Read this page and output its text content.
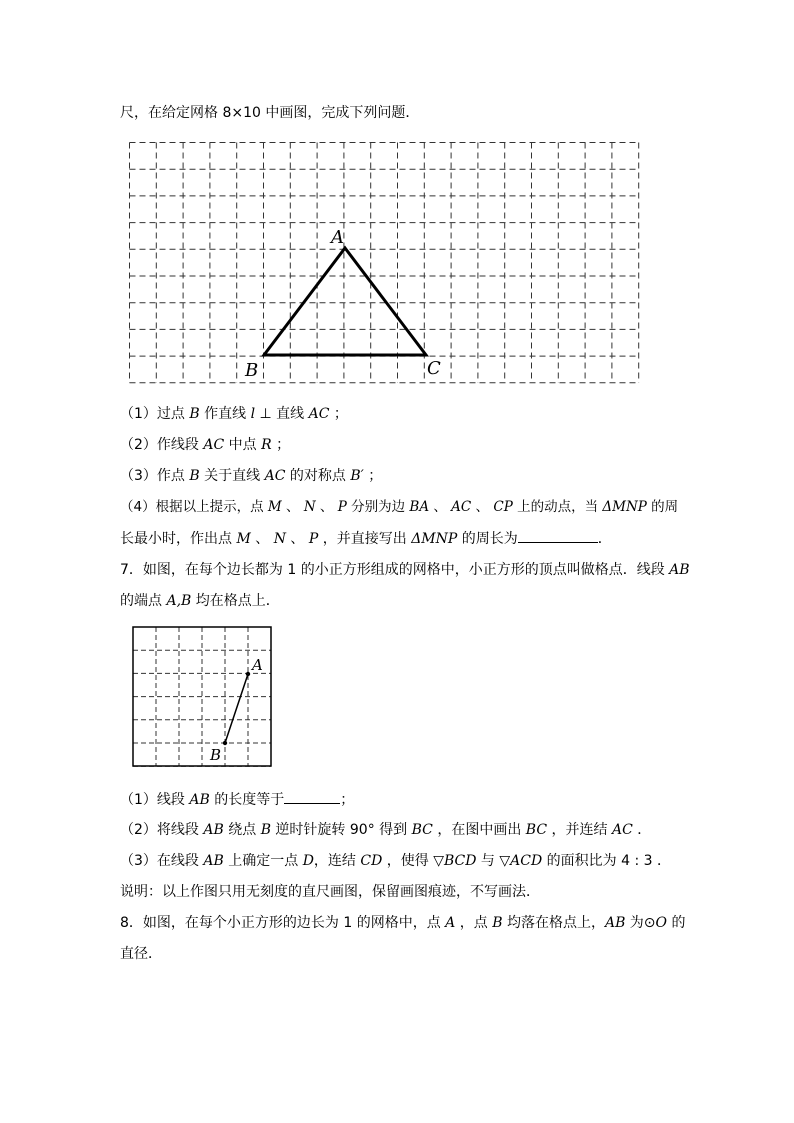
尺，在给定网格 8×10 中画图，完成下列问题．
A
B	C
（1）过点 B 作直线 l ⊥ 直线 AC ；
（2）作线段 AC 中点 R ；
（3）作点 B 关于直线 AC 的对称点 B′ ；
（4）根据以上提示，点 M 、 N 、 P 分别为边 BA 、 AC 、 CP 上的动点，当 ΔMNP 的周
长最小时，作出点 M 、 N 、 P ，并直接写出 ΔMNP 的周长为	．
7．如图，在每个边长都为 1 的小正方形组成的网格中，小正方形的顶点叫做格点．线段 AB
的端点 A,B 均在格点上．
A
B
（1）线段 AB 的长度等于	；
（2）将线段 AB 绕点 B 逆时针旋转 90° 得到 BC ，在图中画出 BC ，并连结 AC ．
（3）在线段 AB 上确定一点 D，连结 CD ，使得 ▽BCD 与 ▽ACD 的面积比为 4 : 3 ．
说明：以上作图只用无刻度的直尺画图，保留画图痕迹，不写画法．
8．如图，在每个小正方形的边长为 1 的网格中，点 A ，点 B 均落在格点上，AB 为⊙O 的
直径．
